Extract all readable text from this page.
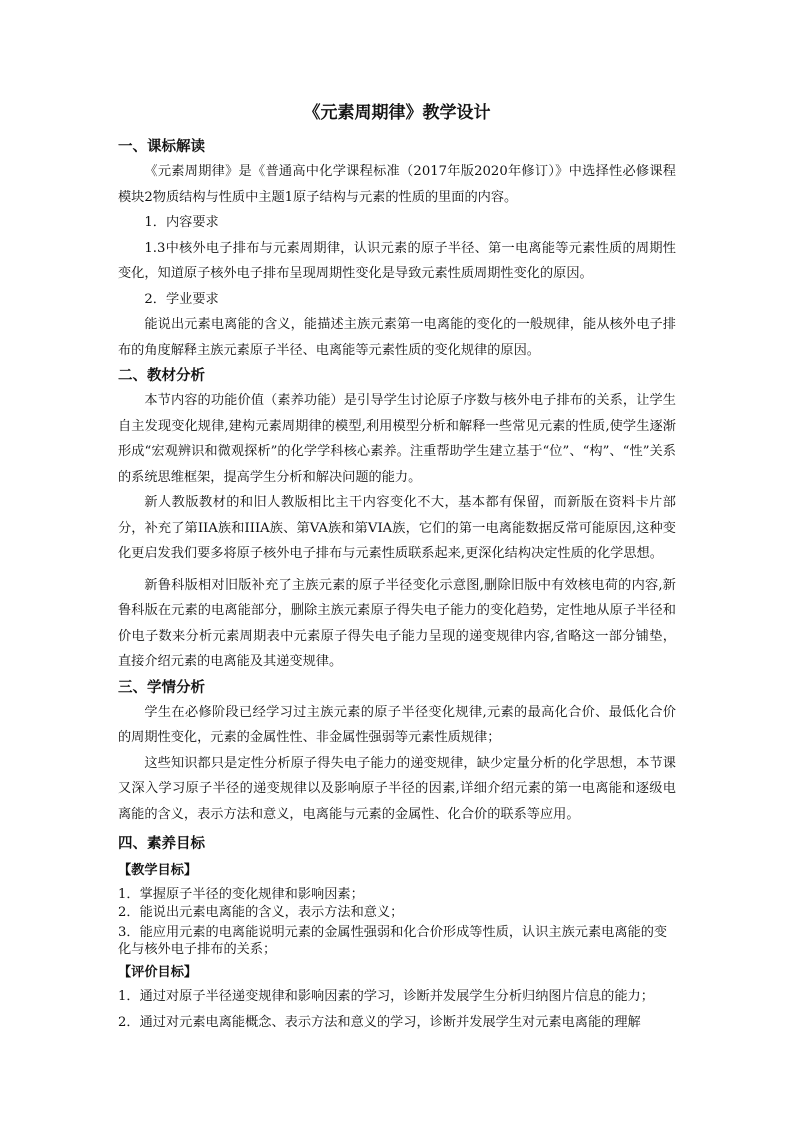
《元素周期律》教学设计
一、课标解读

《元素周期律》是《普通高中化学课程标准（2017年版2020年修订）》中选择性必修课程模块2物质结构与性质中主题1原子结构与元素的性质的里面的内容。

1．内容要求

1.3中核外电子排布与元素周期律，认识元素的原子半径、第一电离能等元素性质的周期性变化，知道原子核外电子排布呈现周期性变化是导致元素性质周期性变化的原因。

2．学业要求

能说出元素电离能的含义，能描述主族元素第一电离能的变化的一般规律，能从核外电子排布的角度解释主族元素原子半径、电离能等元素性质的变化规律的原因。

二、教材分析

本节内容的功能价值（素养功能）是引导学生讨论原子序数与核外电子排布的关系，让学生自主发现变化规律,建构元素周期律的模型,利用模型分析和解释一些常见元素的性质,使学生逐渐形成“宏观辨识和微观探析”的化学学科核心素养。注重帮助学生建立基于“位”、“构”、“性”关系的系统思维框架，提高学生分析和解决问题的能力。

新人教版教材的和旧人教版相比主干内容变化不大，基本都有保留，而新版在资料卡片部分，补充了第IIA族和IIIA族、第VA族和第VIA族，它们的第一电离能数据反常可能原因,这种变化更启发我们要多将原子核外电子排布与元素性质联系起来,更深化结构决定性质的化学思想。

新鲁科版相对旧版补充了主族元素的原子半径变化示意图,删除旧版中有效核电荷的内容,新鲁科版在元素的电离能部分，删除主族元素原子得失电子能力的变化趋势，定性地从原子半径和价电子数来分析元素周期表中元素原子得失电子能力呈现的递变规律内容,省略这一部分铺垫，直接介绍元素的电离能及其递变规律。

三、学情分析

学生在必修阶段已经学习过主族元素的原子半径变化规律,元素的最高化合价、最低化合价的周期性变化，元素的金属性性、非金属性强弱等元素性质规律；

这些知识都只是定性分析原子得失电子能力的递变规律，缺少定量分析的化学思想，本节课又深入学习原子半径的递变规律以及影响原子半径的因素,详细介绍元素的第一电离能和逐级电离能的含义，表示方法和意义，电离能与元素的金属性、化合价的联系等应用。

四、素养目标
【教学目标】

1．掌握原子半径的变化规律和影响因素；

2．能说出元素电离能的含义，表示方法和意义；

3．能应用元素的电离能说明元素的金属性强弱和化合价形成等性质，认识主族元素电离能的变化与核外电子排布的关系；

【评价目标】

1．通过对原子半径递变规律和影响因素的学习，诊断并发展学生分析归纳图片信息的能力；

2．通过对元素电离能概念、表示方法和意义的学习，诊断并发展学生对元素电离能的理解
